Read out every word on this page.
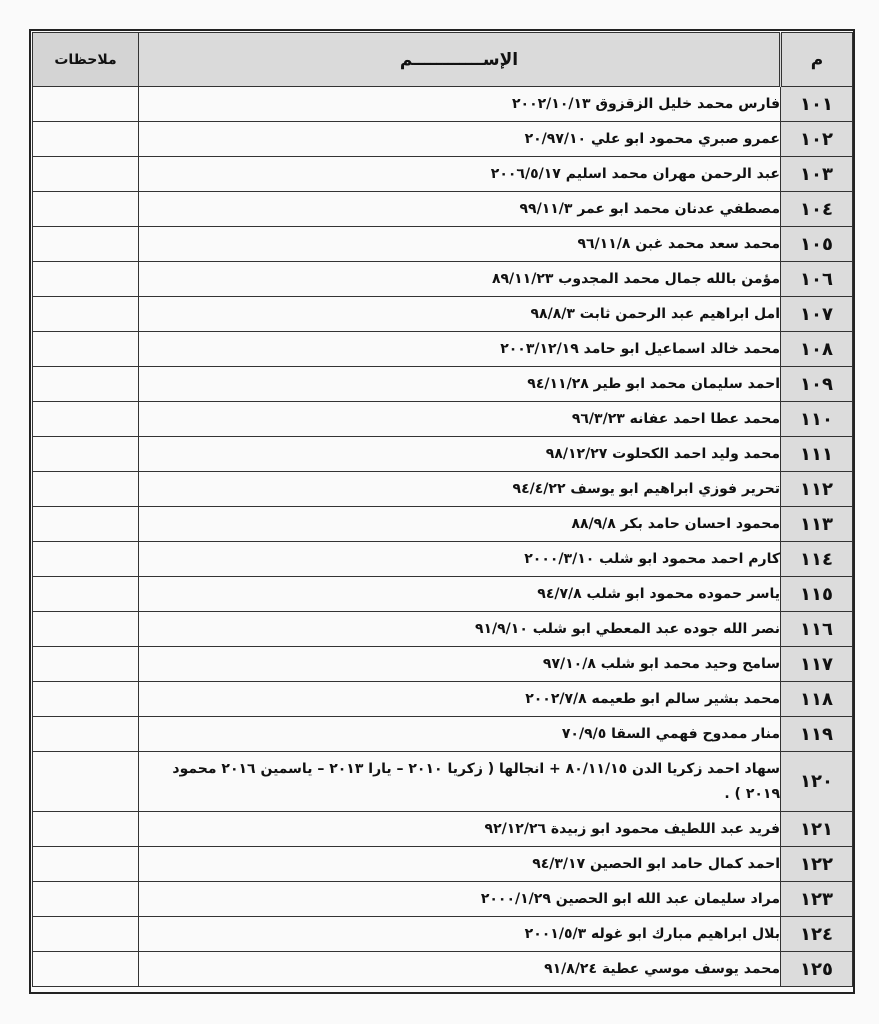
م	الإســــــــــــم	ملاحظات
١٠١	فارس محمد خليل الزقزوق ٢٠٠٢/١٠/١٣	
١٠٢	عمرو صبري محمود ابو علي ٢٠/٩٧/١٠	
١٠٣	عبد الرحمن مهران محمد اسليم ٢٠٠٦/٥/١٧	
١٠٤	مصطفي عدنان محمد ابو عمر ٩٩/١١/٣	
١٠٥	محمد سعد محمد غبن ٩٦/١١/٨	
١٠٦	مؤمن بالله جمال محمد المجدوب ٨٩/١١/٢٣	
١٠٧	امل ابراهيم عبد الرحمن ثابت ٩٨/٨/٣	
١٠٨	محمد خالد اسماعيل ابو حامد ٢٠٠٣/١٢/١٩	
١٠٩	احمد سليمان محمد ابو طير ٩٤/١١/٢٨	
١١٠	محمد عطا احمد عفانه ٩٦/٣/٢٣	
١١١	محمد وليد احمد الكحلوت ٩٨/١٢/٢٧	
١١٢	تحرير فوزي ابراهيم ابو يوسف ٩٤/٤/٢٢	
١١٣	محمود احسان حامد بكر ٨٨/٩/٨	
١١٤	كارم احمد محمود ابو شلب ٢٠٠٠/٣/١٠	
١١٥	ياسر حموده محمود ابو شلب ٩٤/٧/٨	
١١٦	نصر الله جوده عبد المعطي ابو شلب ٩١/٩/١٠	
١١٧	سامح وحيد محمد ابو شلب ٩٧/١٠/٨	
١١٨	محمد بشير سالم ابو طعيمه ٢٠٠٢/٧/٨	
١١٩	منار ممدوح فهمي السقا ٧٠/٩/٥	
١٢٠	سهاد احمد زكريا الدن ٨٠/١١/١٥ + انجالها ( زكريا ٢٠١٠ – يارا ٢٠١٣ – ياسمين ٢٠١٦ محمود ٢٠١٩ ) .	
١٢١	فريد عبد اللطيف محمود ابو زبيدة ٩٢/١٢/٢٦	
١٢٢	احمد كمال حامد ابو الحصين ٩٤/٣/١٧	
١٢٣	مراد سليمان عبد الله ابو الحصين ٢٠٠٠/١/٢٩	
١٢٤	بلال ابراهيم مبارك ابو غوله ٢٠٠١/٥/٣	
١٢٥	محمد يوسف موسي عطية ٩١/٨/٢٤	
